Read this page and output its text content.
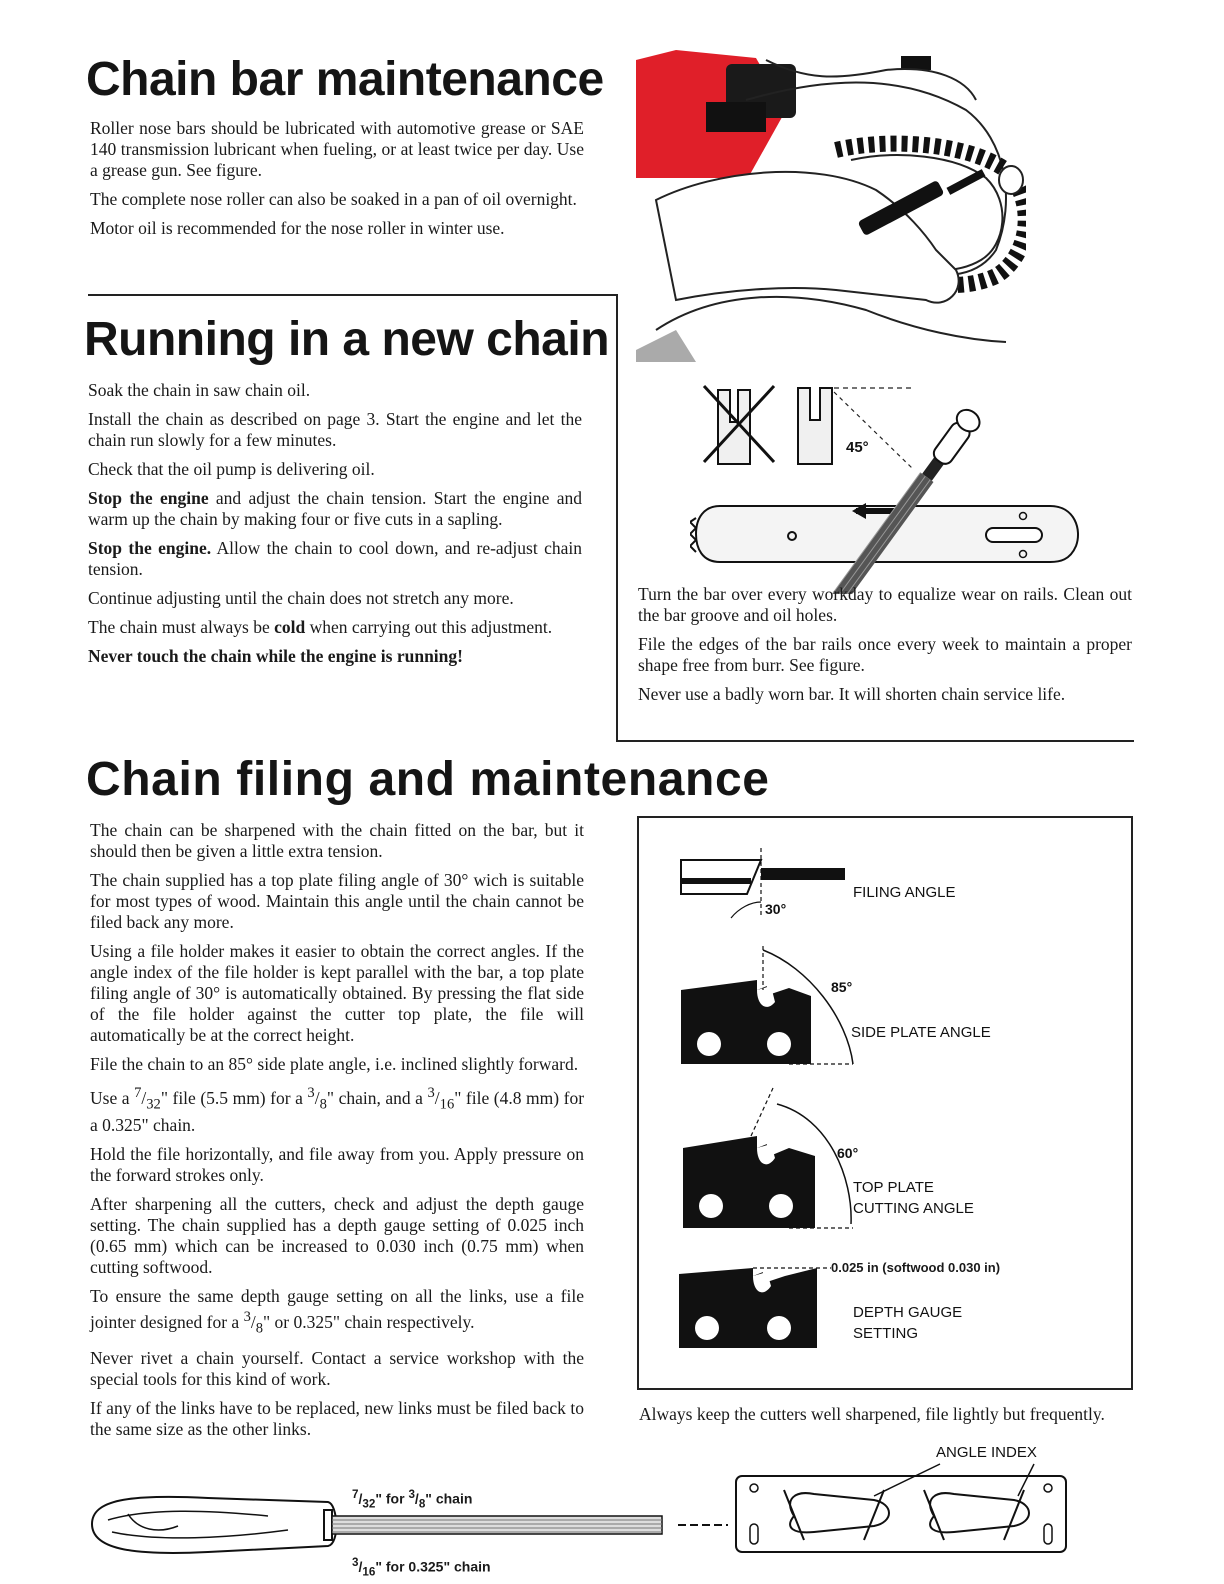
Chain bar maintenance

Roller nose bars should be lubricated with automotive grease or SAE 140 transmission lubricant when fueling, or at least twice per day. Use a grease gun. See figure.

The complete nose roller can also be soaked in a pan of oil overnight.

Motor oil is recommended for the nose roller in winter use.

Running in a new chain

Soak the chain in saw chain oil.

Install the chain as described on page 3. Start the engine and let the chain run slowly for a few minutes.

Check that the oil pump is delivering oil.

Stop the engine and adjust the chain tension. Start the engine and warm up the chain by making four or five cuts in a sapling.

Stop the engine. Allow the chain to cool down, and re-adjust chain tension.

Continue adjusting until the chain does not stretch any more.

The chain must always be cold when carrying out this adjustment.

Never touch the chain while the engine is running!

45°

Turn the bar over every workday to equalize wear on rails. Clean out the bar groove and oil holes.

File the edges of the bar rails once every week to maintain a proper shape free from burr. See figure.

Never use a badly worn bar. It will shorten chain service life.

Chain filing and maintenance

The chain can be sharpened with the chain fitted on the bar, but it should then be given a little extra tension.

The chain supplied has a top plate filing angle of 30° wich is suitable for most types of wood. Maintain this angle until the chain cannot be filed back any more.

Using a file holder makes it easier to obtain the correct angles. If the angle index of the file holder is kept parallel with the bar, a top plate filing angle of 30° is automatically obtained. By pressing the flat side of the file holder against the cutter top plate, the file will automatically be at the correct height.

File the chain to an 85° side plate angle, i.e. inclined slightly forward.

Use a $^7/_{32}$" file (5.5 mm) for a $^3/_8$" chain, and a $^3/_{16}$" file (4.8 mm) for a 0.325" chain.

Hold the file horizontally, and file away from you. Apply pressure on the forward strokes only.

After sharpening all the cutters, check and adjust the depth gauge setting. The chain supplied has a depth gauge setting of 0.025 inch (0.65 mm) which can be increased to 0.030 inch (0.75 mm) when cutting softwood.

To ensure the same depth gauge setting on all the links, use a file jointer designed for a $^3/_8$" or 0.325" chain respectively.

Never rivet a chain yourself. Contact a service workshop with the special tools for this kind of work.

If any of the links have to be replaced, new links must be filed back to the same size as the other links.

30°
85°
60°
FILING ANGLE
SIDE PLATE ANGLE
TOP PLATE
CUTTING ANGLE
0.025 in (softwood 0.030 in)
DEPTH GAUGE
SETTING

Always keep the cutters well sharpened, file lightly but frequently.

$^7/_{32}$" for $^3/_8$" chain
$^3/_{16}$" for 0.325" chain
ANGLE INDEX
